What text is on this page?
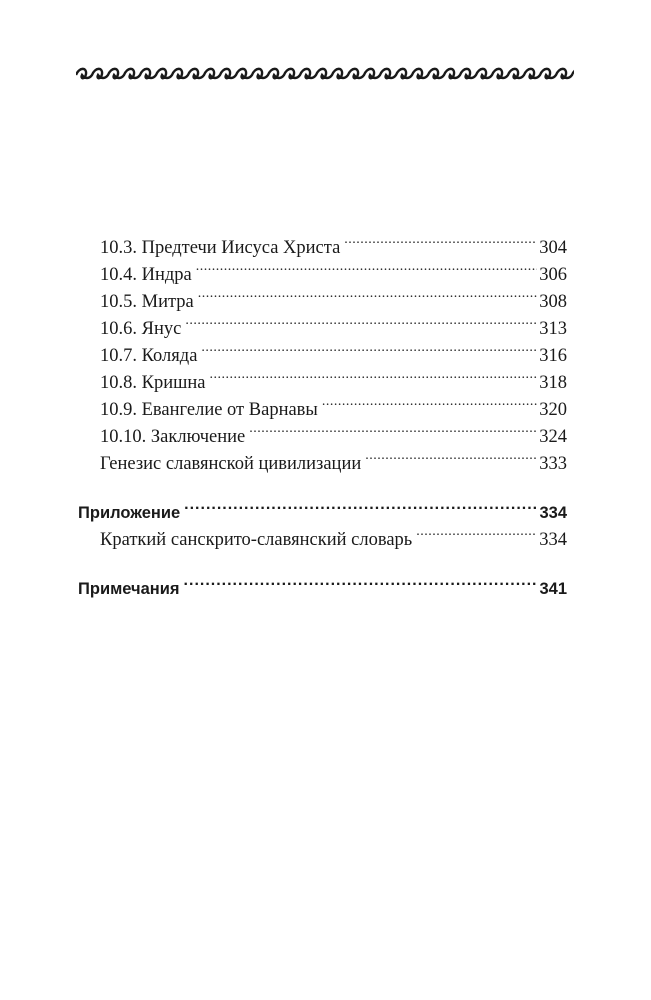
10.3. Предтечи Иисуса Христа .....	304
10.4. Индра .....	306
10.5. Митра .....	308
10.6. Янус .....	313
10.7. Коляда .....	316
10.8. Кришна .....	318
10.9. Евангелие от Варнавы .....	320
10.10. Заключение .....	324
Генезис славянской цивилизации .....	333
Приложение .....	334
Краткий санскрито-славянский словарь .....	334
Примечания .....	341
